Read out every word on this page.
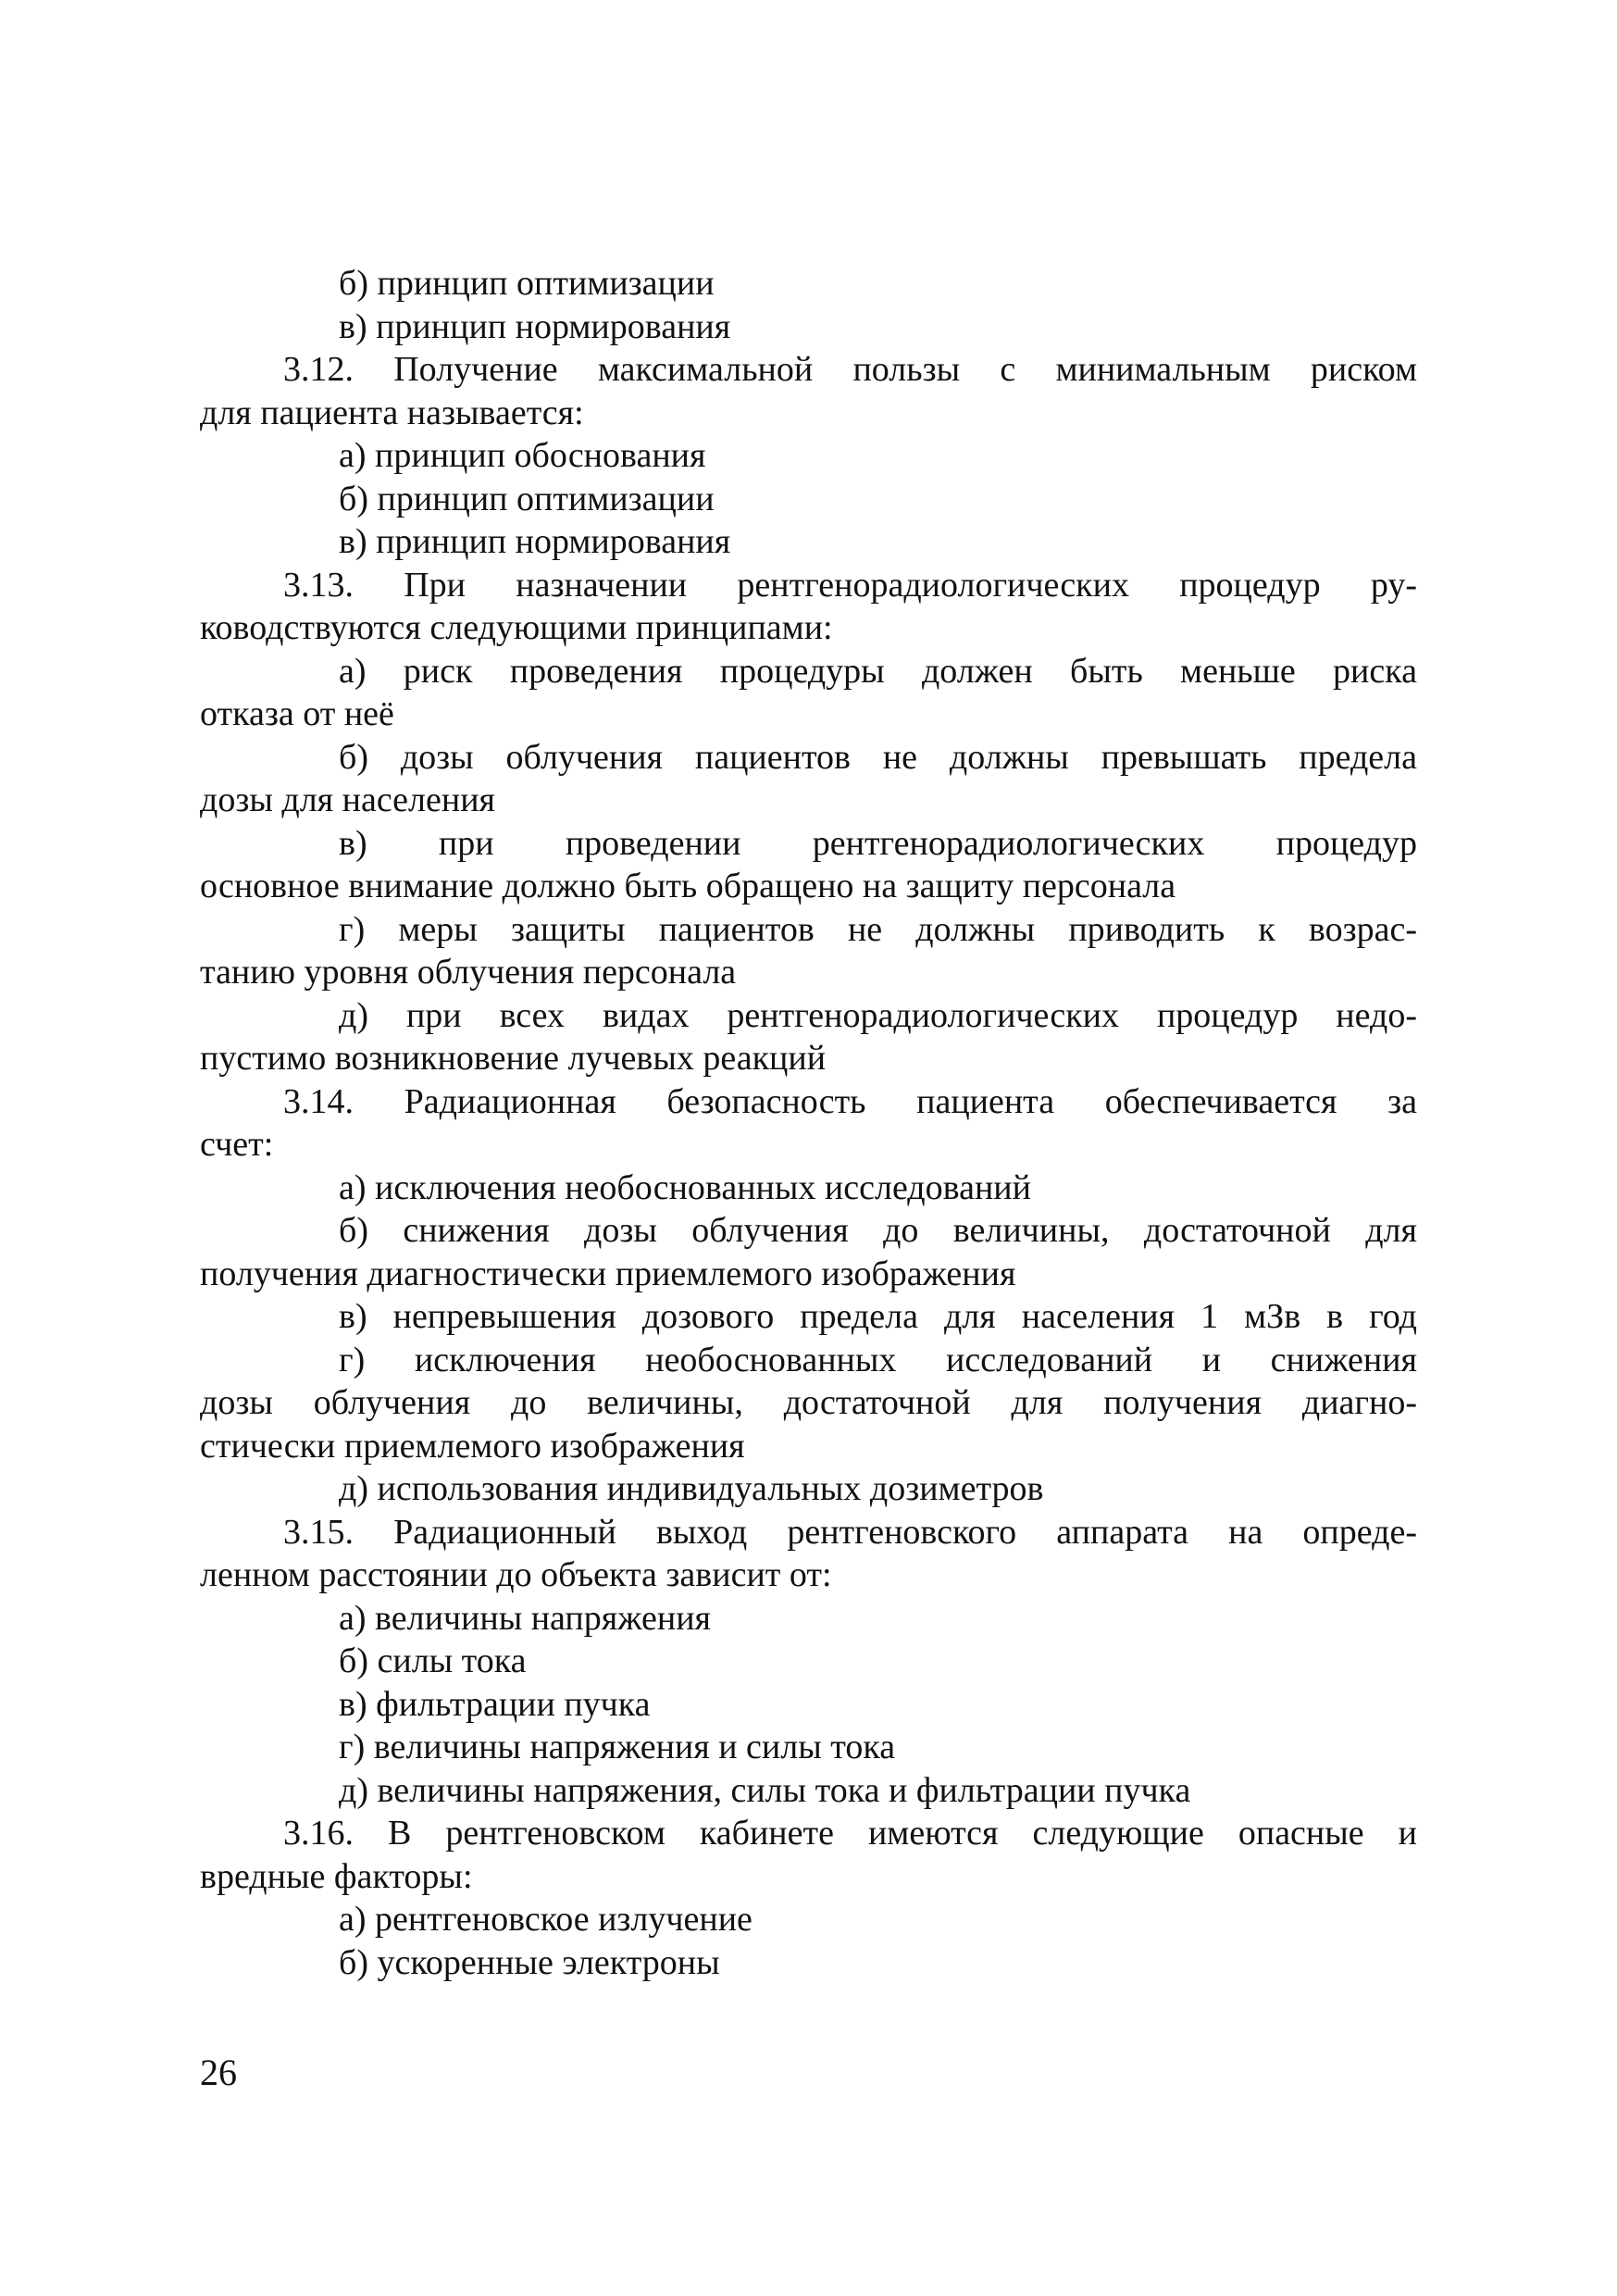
б) принцип оптимизации
в) принцип нормирования
3.12. Получение максимальной пользы с минимальным риском
для пациента называется:
а) принцип обоснования
б) принцип оптимизации
в) принцип нормирования
3.13. При назначении рентгенорадиологических процедур ру-
ководствуются следующими принципами:
а) риск проведения процедуры должен быть меньше риска
отказа от неё
б) дозы облучения пациентов не должны превышать предела
дозы для населения
в) при проведении рентгенорадиологических процедур
основное внимание должно быть обращено на защиту персонала
г) меры защиты пациентов не должны приводить к возрас-
танию уровня облучения персонала
д) при всех видах рентгенорадиологических процедур недо-
пустимо возникновение лучевых реакций
3.14. Радиационная безопасность пациента обеспечивается за
счет:
а) исключения необоснованных исследований
б) снижения дозы облучения до величины, достаточной для
получения диагностически приемлемого изображения
в) непревышения дозового предела для населения 1 мЗв в год
г) исключения необоснованных исследований и снижения
дозы облучения до величины, достаточной для получения диагно-
стически приемлемого изображения
д) использования индивидуальных дозиметров
3.15. Радиационный выход рентгеновского аппарата на опреде-
ленном расстоянии до объекта зависит от:
а) величины напряжения
б) силы тока
в) фильтрации пучка
г) величины напряжения и силы тока
д) величины напряжения, силы тока и фильтрации пучка
3.16. В рентгеновском кабинете имеются следующие опасные и
вредные факторы:
а) рентгеновское излучение
б) ускоренные электроны
26
